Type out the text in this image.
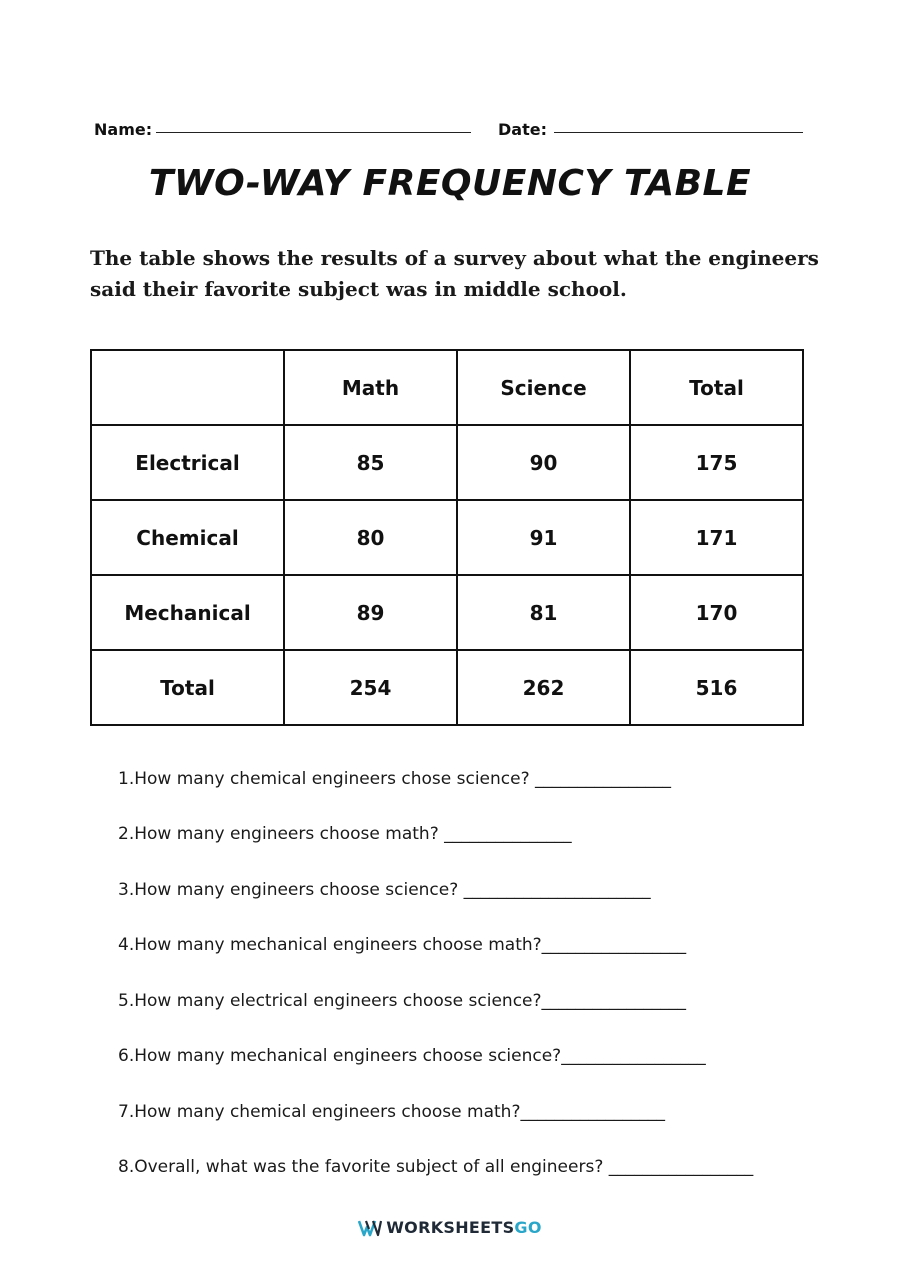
Name:	Date:
TWO-WAY FREQUENCY TABLE
The table shows the results of a survey about what the engineers said their favorite subject was in middle school.
	Math	Science	Total
Electrical	85	90	175
Chemical	80	91	171
Mechanical	89	81	170
Total	254	262	516
1.How many chemical engineers chose science? ________________
2.How many engineers choose math? _______________
3.How many engineers choose science? ______________________
4.How many mechanical engineers choose math?_________________
5.How many electrical engineers choose science?_________________
6.How many mechanical engineers choose science?_________________
7.How many chemical engineers choose math?_________________
8.Overall, what was the favorite subject of all engineers? _________________
WORKSHEETSGO
